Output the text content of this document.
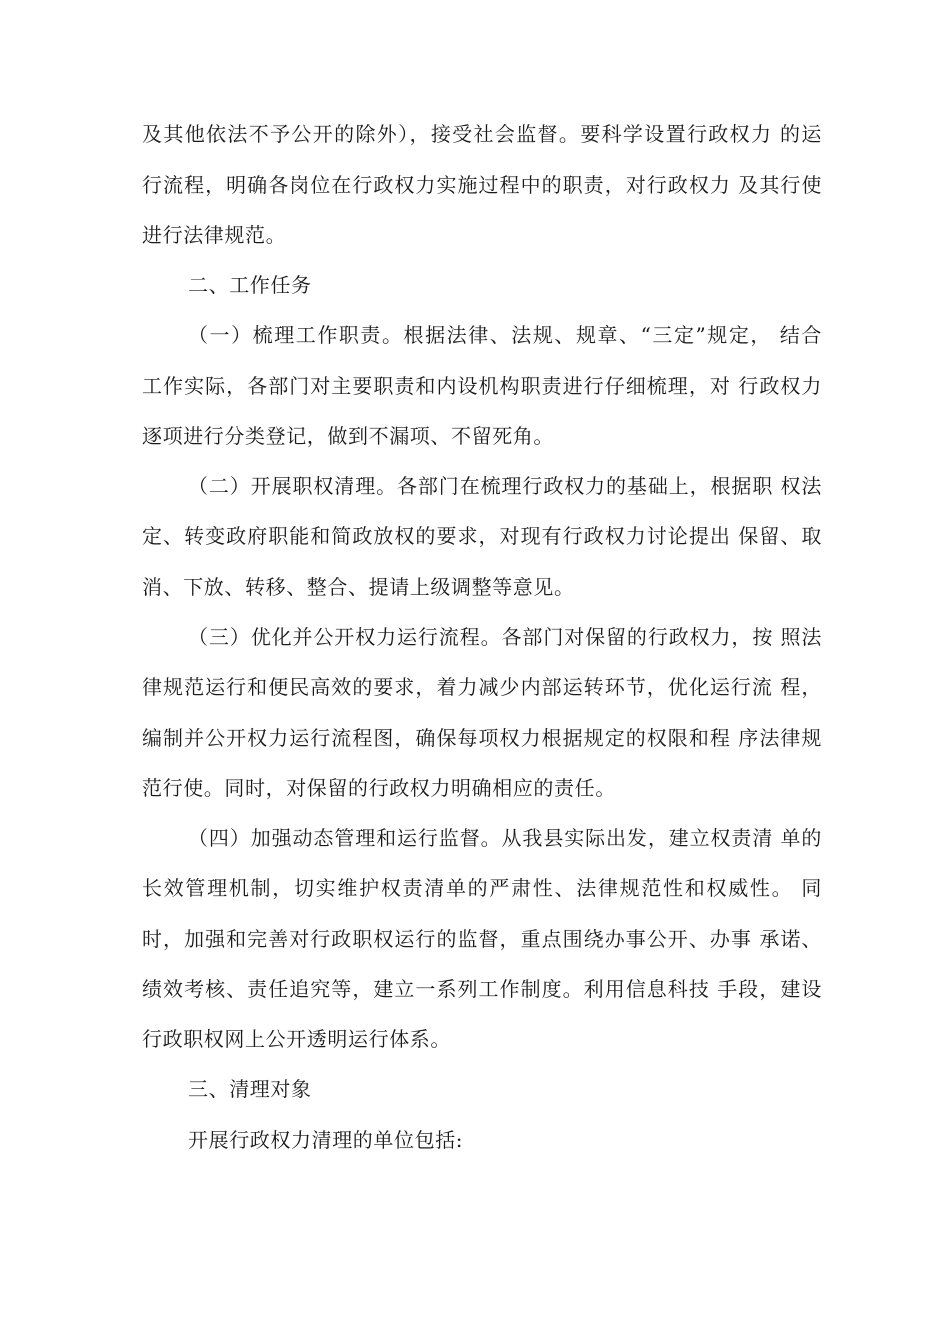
及其他依法不予公开的除外），接受社会监督。要科学设置行政权力 的运
行流程，明确各岗位在行政权力实施过程中的职责，对行政权力 及其行使
进行法律规范。
二、工作任务
（一）梳理工作职责。根据法律、法规、规章、“三定”规定， 结合
工作实际，各部门对主要职责和内设机构职责进行仔细梳理，对 行政权力
逐项进行分类登记，做到不漏项、不留死角。
（二）开展职权清理。各部门在梳理行政权力的基础上，根据职 权法
定、转变政府职能和简政放权的要求，对现有行政权力讨论提出 保留、取
消、下放、转移、整合、提请上级调整等意见。
（三）优化并公开权力运行流程。各部门对保留的行政权力，按 照法
律规范运行和便民高效的要求，着力减少内部运转环节，优化运行流 程，
编制并公开权力运行流程图，确保每项权力根据规定的权限和程 序法律规
范行使。同时，对保留的行政权力明确相应的责任。
（四）加强动态管理和运行监督。从我县实际出发，建立权责清 单的
长效管理机制，切实维护权责清单的严肃性、法律规范性和权威性。 同
时，加强和完善对行政职权运行的监督，重点围绕办事公开、办事 承诺、
绩效考核、责任追究等，建立一系列工作制度。利用信息科技 手段，建设
行政职权网上公开透明运行体系。
三、清理对象
开展行政权力清理的单位包括:
